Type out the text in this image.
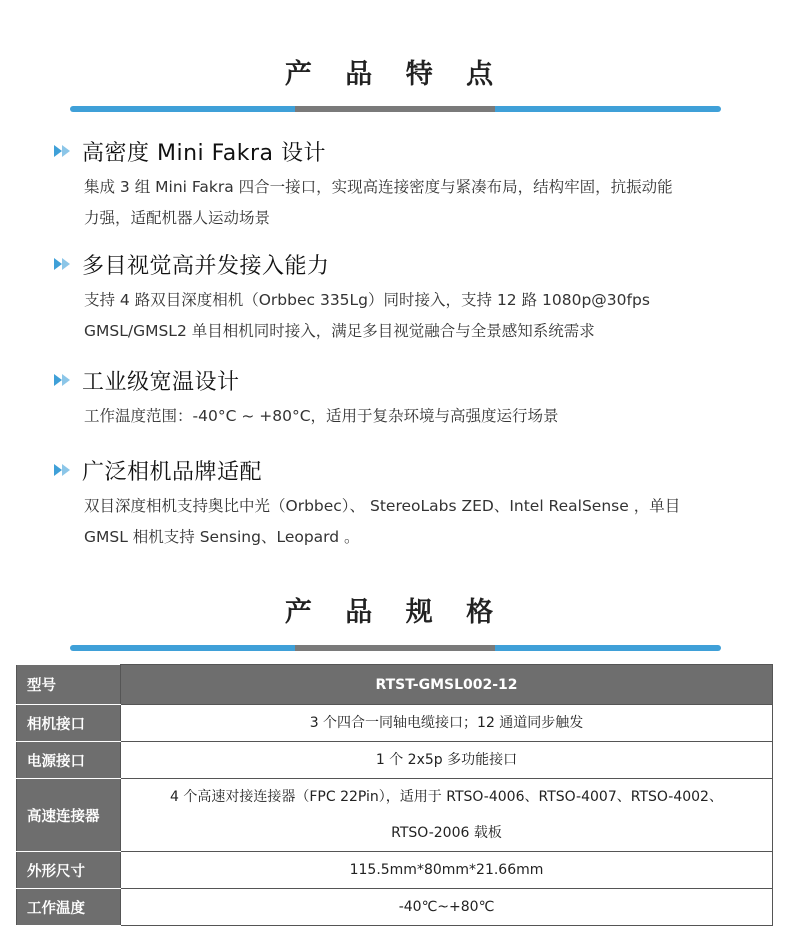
产 品 特 点
高密度 Mini Fakra 设计
集成 3 组 Mini Fakra 四合一接口，实现高连接密度与紧凑布局，结构牢固，抗振动能
力强，适配机器人运动场景
多目视觉高并发接入能力
支持 4 路双目深度相机（Orbbec 335Lg）同时接入，支持 12 路 1080p@30fps
GMSL/GMSL2 单目相机同时接入，满足多目视觉融合与全景感知系统需求
工业级宽温设计
工作温度范围：-40°C ~ +80°C，适用于复杂环境与高强度运行场景
广泛相机品牌适配
双目深度相机支持奥比中光（Orbbec）、 StereoLabs ZED、Intel RealSense ，单目
GMSL 相机支持 Sensing、Leopard 。
产 品 规 格
型号	RTST-GMSL002-12

相机接口	3 个四合一同轴电缆接口；12 通道同步触发

电源接口	1 个 2x5p 多功能接口

高速连接器	4 个高速对接连接器（FPC 22Pin），适用于 RTSO-4006、RTSO-4007、RTSO-4002、
RTSO-2006 载板

外形尺寸	115.5mm*80mm*21.66mm

工作温度	-40℃~+80℃
